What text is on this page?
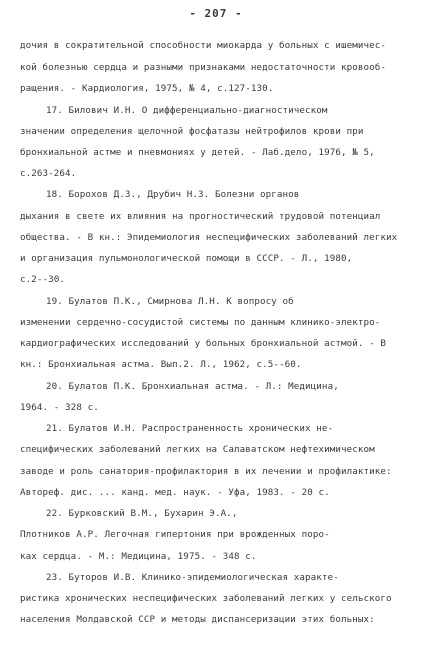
- 207 -
дочия в сократительной способности миокарда у больных с ишемичес-
кой болезнью сердца и разными признаками недостаточности кровооб-
ращения. - Кардиология, 1975, № 4, с.127-130.
17. Билович И.Н. О дифференциально-диагностическом
значении определения щелочной фосфатазы нейтрофилов крови при
бронхиальной астме и пневмониях у детей. - Лаб.дело, 1976, № 5,
с.263-264.
18. Борохов Д.З., Друбич Н.З. Болезни органов
дыхания в свете их влияния на прогностический трудовой потенциал
общества. - В кн.: Эпидемиология неспецифических заболеваний легких
и организация пульмонологической помощи в СССР. - Л., 1980,
с.2--30.
19. Булатов П.К., Смирнова Л.Н. К вопросу об
изменении сердечно-сосудистой системы по данным клинико-электро-
кардиографических исследований у больных бронхиальной астмой. - В
кн.: Бронхиальная астма. Вып.2. Л., 1962, с.5--60.
20. Булатов П.К. Бронхиальная астма. - Л.: Медицина,
1964. - 328 с.
21. Булатов И.Н. Распространенность хронических не-
специфических заболеваний легких на Салаватском нефтехимическом
заводе и роль санатория-профилактория в их лечении и профилактике:
Автореф. дис. ... канд. мед. наук. - Уфа, 1983. - 20 с.
22. Бурковский В.М., Бухарин Э.А.,
Плотников А.Р. Легочная гипертония при врожденных поро-
ках сердца. - М.: Медицина, 1975. - 348 с.
23. Буторов И.В. Клинико-эпидемиологическая характе-
ристика хронических неспецифических заболеваний легких у сельского
населения Молдавской ССР и методы диспансеризации этих больных:
